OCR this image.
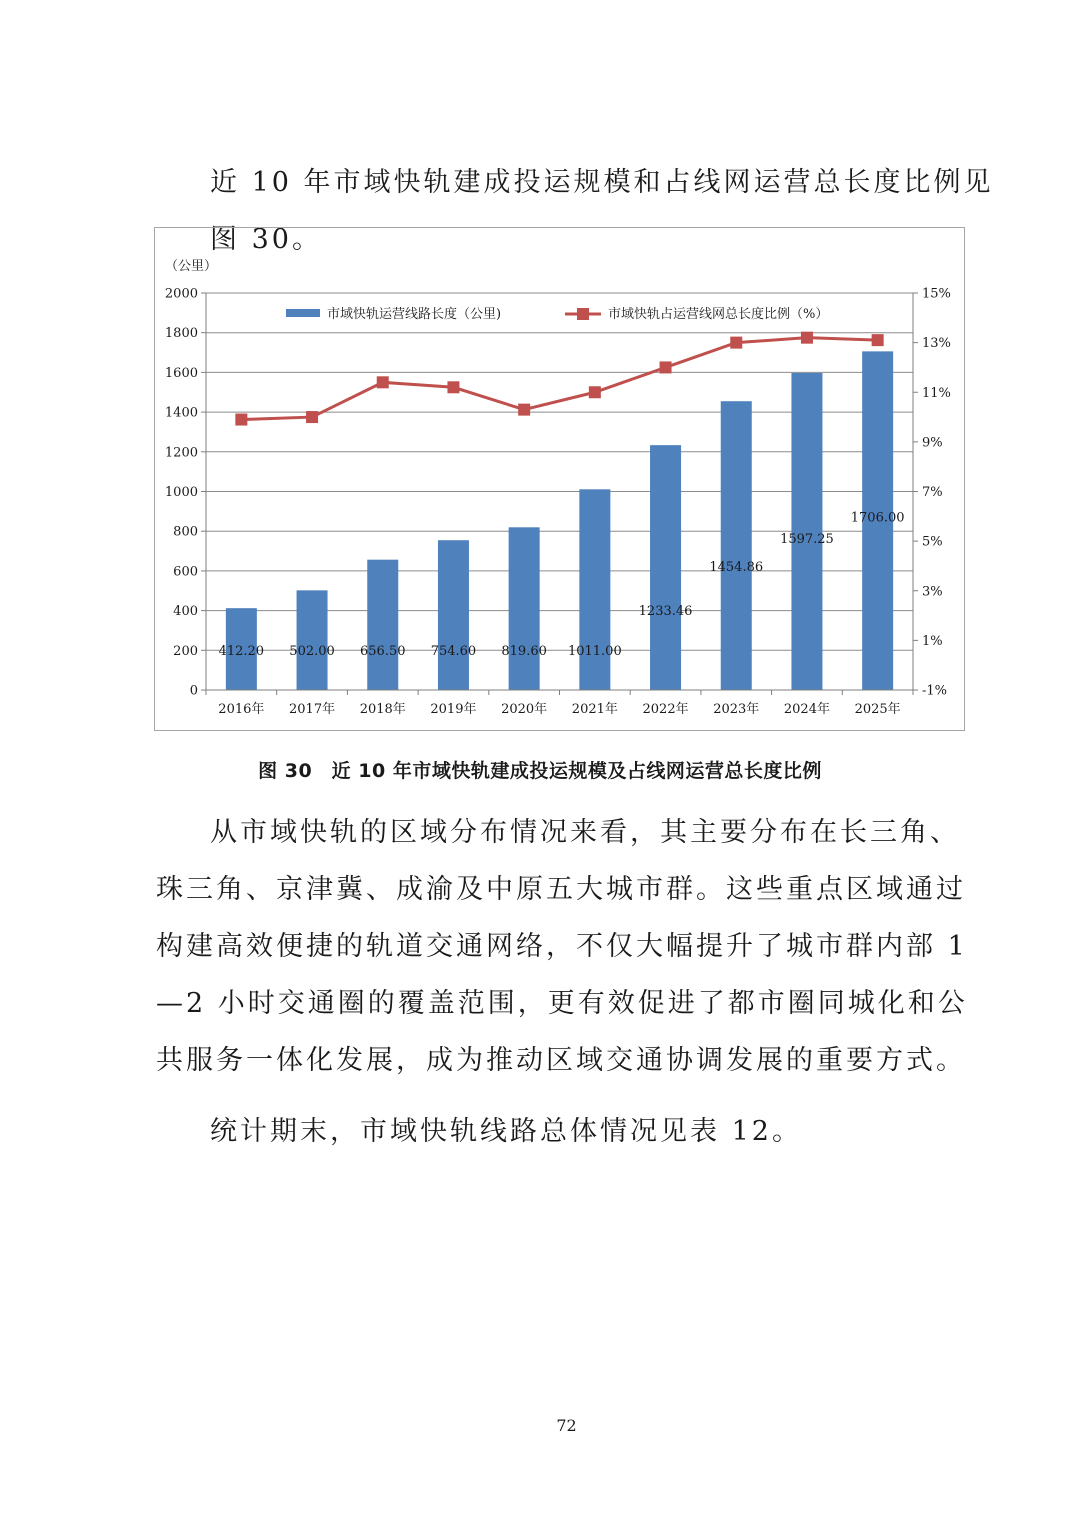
近 10 年市域快轨建成投运规模和占线网运营总长度比例见图 30。

0
200
400
600
800
1000
1200
1400
1600
1800
2000
-1%
1%
3%
5%
7%
9%
11%
13%
15%
2016年 2017年 2018年 2019年 2020年 2021年 2022年 2023年 2024年 2025年
412.20 502.00 656.50 754.60 819.60 1011.00
1233.46
1454.86
1597.25
1706.00
市域快轨运营线路长度（公里)	市域快轨占运营线网总长度比例（%）
（公里）
图 30　近 10 年市域快轨建成投运规模及占线网运营总长度比例

从市域快轨的区域分布情况来看，其主要分布在长三角、珠三角、京津冀、成渝及中原五大城市群。这些重点区域通过构建高效便捷的轨道交通网络，不仅大幅提升了城市群内部 1—2 小时交通圈的覆盖范围，更有效促进了都市圈同城化和公共服务一体化发展，成为推动区域交通协调发展的重要方式。

统计期末，市域快轨线路总体情况见表 12。

72
